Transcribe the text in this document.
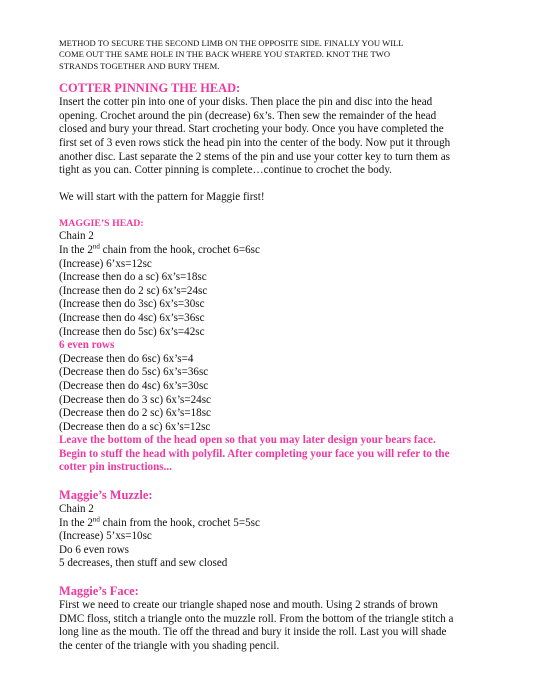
METHOD TO SECURE THE SECOND LIMB ON THE OPPOSITE SIDE. FINALLY YOU WILL
COME OUT THE SAME HOLE IN THE BACK WHERE YOU STARTED. KNOT THE TWO
STRANDS TOGETHER AND BURY THEM.
COTTER PINNING THE HEAD:
Insert the cotter pin into one of your disks. Then place the pin and disc into the head
opening. Crochet around the pin (decrease) 6x’s. Then sew the remainder of the head
closed and bury your thread. Start crocheting your body. Once you have completed the
first set of 3 even rows stick the head pin into the center of the body. Now put it through
another disc. Last separate the 2 stems of the pin and use your cotter key to turn them as
tight as you can. Cotter pinning is complete…continue to crochet the body.

We will start with the pattern for Maggie first!

MAGGIE’S HEAD:
Chain 2
In the 2nd chain from the hook, crochet 6=6sc
(Increase) 6’xs=12sc
(Increase then do a sc) 6x’s=18sc
(Increase then do 2 sc) 6x’s=24sc
(Increase then do 3sc) 6x’s=30sc
(Increase then do 4sc) 6x’s=36sc
(Increase then do 5sc) 6x’s=42sc
6 even rows
(Decrease then do 6sc) 6x’s=4
(Decrease then do 5sc) 6x’s=36sc
(Decrease then do 4sc) 6x’s=30sc
(Decrease then do 3 sc) 6x’s=24sc
(Decrease then do 2 sc) 6x’s=18sc
(Decrease then do a sc) 6x’s=12sc
Leave the bottom of the head open so that you may later design your bears face.
Begin to stuff the head with polyfil. After completing your face you will refer to the
cotter pin instructions...
Maggie’s Muzzle:
Chain 2
In the 2nd chain from the hook, crochet 5=5sc
(Increase) 5’xs=10sc
Do 6 even rows
5 decreases, then stuff and sew closed
Maggie’s Face:
First we need to create our triangle shaped nose and mouth. Using 2 strands of brown
DMC floss, stitch a triangle onto the muzzle roll. From the bottom of the triangle stitch a
long line as the mouth. Tie off the thread and bury it inside the roll. Last you will shade
the center of the triangle with you shading pencil.
